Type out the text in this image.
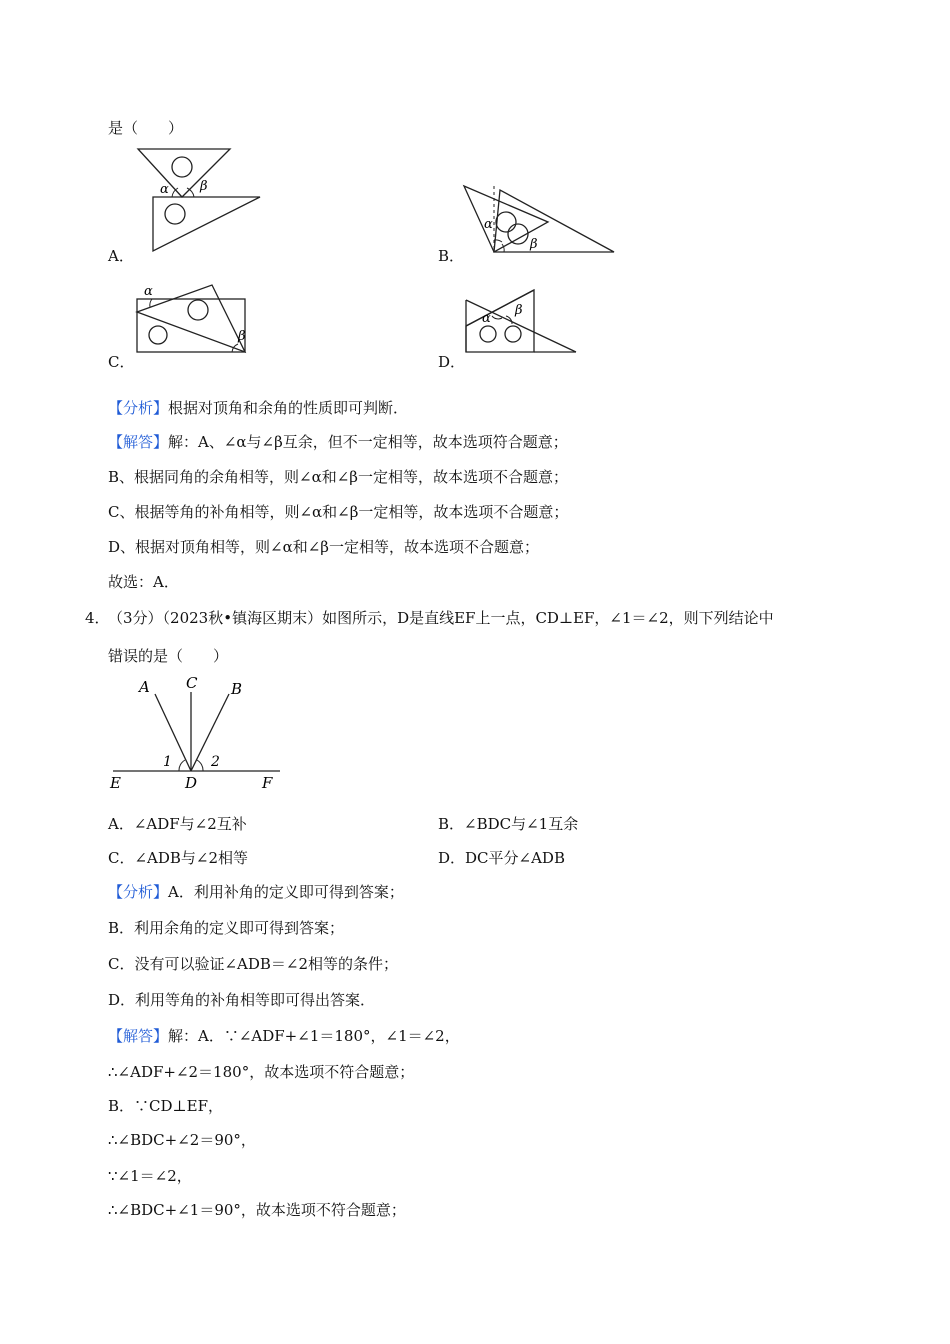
是（　　）
α β
A．
α
β
B．
α
β
C．
α
β
D．
【分析】根据对顶角和余角的性质即可判断．
【解答】解：A、∠α与∠β互余，但不一定相等，故本选项符合题意；
B、根据同角的余角相等，则∠α和∠β一定相等，故本选项不合题意；
C、根据等角的补角相等，则∠α和∠β一定相等，故本选项不合题意；
D、根据对顶角相等，则∠α和∠β一定相等，故本选项不合题意；
故选：A．
4．
（3分）（2023秋•镇海区期末）如图所示，D是直线EF上一点，CD⊥EF，∠1＝∠2，则下列结论中
错误的是（　　）
A C B
E	D	F
1	2
A．∠ADF与∠2互补	B．∠BDC与∠1互余
C．∠ADB与∠2相等	D．DC平分∠ADB
【分析】A．利用补角的定义即可得到答案；
B．利用余角的定义即可得到答案；
C．没有可以验证∠ADB＝∠2相等的条件；
D．利用等角的补角相等即可得出答案．
【解答】解：A．∵∠ADF+∠1＝180°，∠1＝∠2，
∴∠ADF+∠2＝180°，故本选项不符合题意；
B．∵CD⊥EF，
∴∠BDC+∠2＝90°，
∵∠1＝∠2，
∴∠BDC+∠1＝90°，故本选项不符合题意；
